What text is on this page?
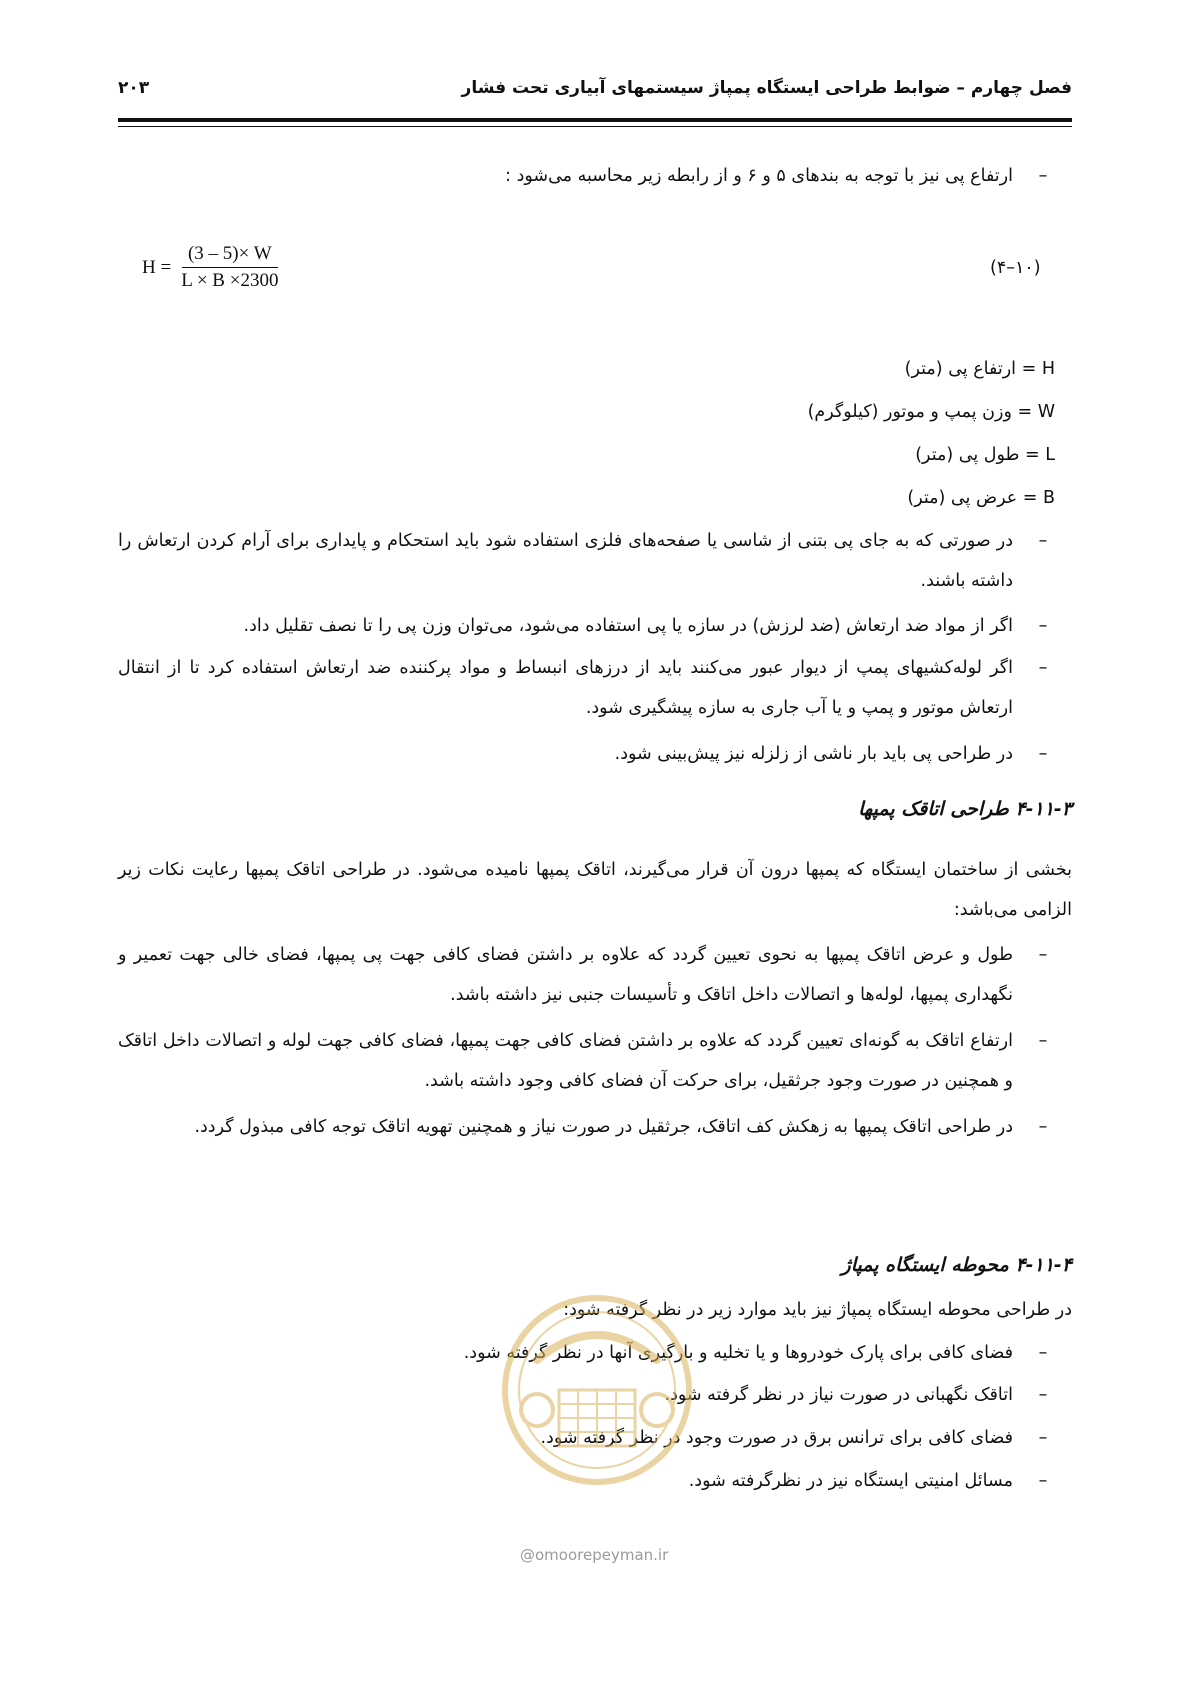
فصل چهارم – ضوابط طراحی ایستگاه پمپاژ سیستمهای آبیاری تحت فشار
۲۰۳
–
ارتفاع پی نیز با توجه به بندهای ۵ و ۶ و از رابطه زیر محاسبه می‌شود :
$H = \frac{(3 - 5)\times W}{L \times B \times 2300}$	(۱۰–۴)
H = ارتفاع پی (متر)
W = وزن پمپ و موتور (کیلوگرم)
L = طول پی (متر)
B = عرض پی (متر)
–
در صورتی که به جای پی بتنی از شاسی یا صفحه‌های فلزی استفاده شود باید استحکام و پایداری برای آرام کردن ارتعاش را داشته باشند.
–
اگر از مواد ضد ارتعاش (ضد لرزش) در سازه یا پی استفاده می‌شود، می‌توان وزن پی را تا نصف تقلیل داد.
–
اگر لوله‌کشیهای پمپ از دیوار عبور می‌کنند باید از درزهای انبساط و مواد پرکننده ضد ارتعاش استفاده کرد تا از انتقال ارتعاش موتور و پمپ و یا آب جاری به سازه پیشگیری شود.
–
در طراحی پی باید بار ناشی از زلزله نیز پیش‌بینی شود.
۴-۱۱-۳ طراحی اتاقک پمپها
بخشی از ساختمان ایستگاه که پمپها درون آن قرار می‌گیرند، اتاقک پمپها نامیده می‌شود. در طراحی اتاقک پمپها رعایت نکات زیر الزامی می‌باشد:
–
طول و عرض اتاقک پمپها به نحوی تعیین گردد که علاوه بر داشتن فضای کافی جهت پی پمپها، فضای خالی جهت تعمیر و نگهداری پمپها، لوله‌ها و اتصالات داخل اتاقک و تأسیسات جنبی نیز داشته باشد.
–
ارتفاع اتاقک به گونه‌ای تعیین گردد که علاوه بر داشتن فضای کافی جهت پمپها، فضای کافی جهت لوله و اتصالات داخل اتاقک و همچنین در صورت وجود جرثقیل، برای حرکت آن فضای کافی وجود داشته باشد.
–
در طراحی اتاقک پمپها به زهکش کف اتاقک، جرثقیل در صورت نیاز و همچنین تهویه اتاقک توجه کافی مبذول گردد.
۴-۱۱-۴ محوطه ایستگاه پمپاژ
در طراحی محوطه ایستگاه پمپاژ نیز باید موارد زیر در نظر گرفته شود:
–
فضای کافی برای پارک خودروها و یا تخلیه و بارگیری آنها در نظر گرفته شود.
–
اتاقک نگهبانی در صورت نیاز در نظر گرفته شود.
–
فضای کافی برای ترانس برق در صورت وجود در نظر گرفته شود.
–
مسائل امنیتی ایستگاه نیز در نظرگرفته شود.
@omoorepeyman.ir
